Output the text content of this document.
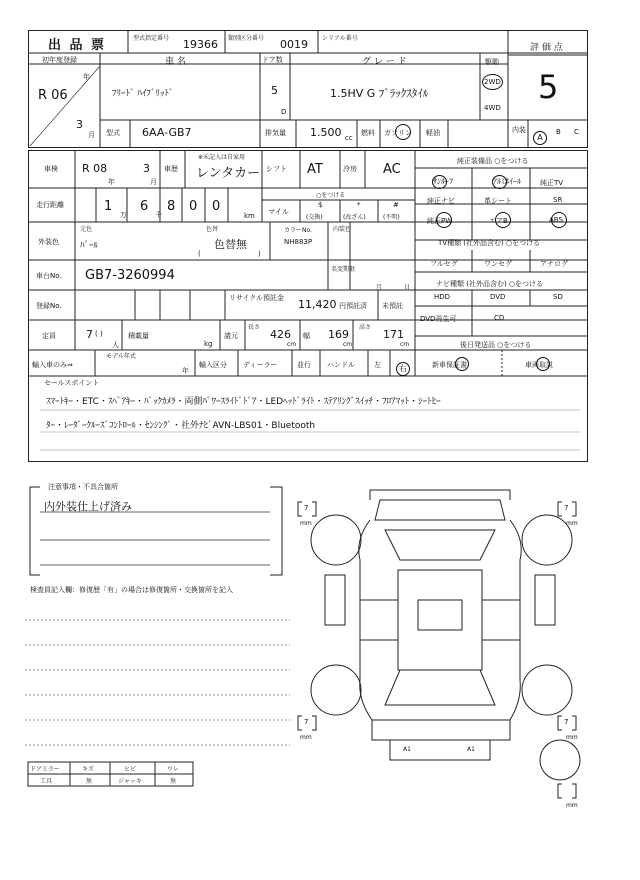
出 品 票	型式指定番号 19366 類別区分番号 0019 シリアル番号
評 価 点
5
初年度登録
R 06
年
3
月
車 名
ﾌﾘｰﾄﾞ ﾊｲﾌﾞﾘｯﾄﾞ
ドア数
5
D
グ レ ー ド
1.5HV G ﾌﾞﾗｯｸｽﾀｲﾙ
駆動
2WD
4WD
型式 6AA-GB7	排気量 1.500 cc
燃料 ガソリン 軽油	内装
A
B C
車検 R 08
年
3
月
車歴
※未記入は自家用
レンタカー シフト AT	冷房 AC
純正装備品 ○をつける
ｻﾝﾙｰﾌ	ｱﾙﾐﾎｲｰﾙ	純正TV
走行距離	1
万
6
千
8 0 0
km
○をつける
マイル
$
(交換)
*
(改ざん)
#
(不明)
純正ナビ	革シート	SR
純正PW	エアB	ABS
外装色
元色
ﾊﾟｰﾙ
色替
色替無
(	)
カラーNo.
NH883P
内装色
TV種類 (社外品含む) ○をつける
フルセグ	ワンセグ	アナログ
車台No. GB7-3260994	名変期限
月	日	ナビ種類 (社外品含む) ○をつける
登録No.
リサイクル預託金 11,420 円預託済 未預託
HDD	DVD	SD
DVD再生可	CD
定員	7 ( )
人
積載量
kg
請元
長さ
426
cm
幅 169
cm
高さ
171
cm	後日発送品 ○をつける
輸入車のみ⇒
モデル年式
年
輸入区分 ディーラー	並行 ハンドル	左	右	新車保証書	車両取説
セールスポイント
ｽﾏｰﾄｷｰ・ETC・ｽﾍﾟｱｷｰ・ﾊﾞｯｸｶﾒﾗ・両側ﾊﾟﾜｰｽﾗｲﾄﾞﾄﾞｱ・LEDﾍｯﾄﾞﾗｲﾄ・ｽﾃｱﾘﾝｸﾞｽｲｯﾁ・ﾌﾛｱﾏｯﾄ・ｼｰﾄﾋｰ
ﾀｰ・ﾚｰﾀﾞｰｸﾙｰｽﾞｺﾝﾄﾛｰﾙ・ｾﾝｼﾝｸﾞ・社外ﾅﾋﾞAVN-LBS01・Bluetooth
注意事項・不具合箇所
内外装仕上げ済み
検査員記入欄：修復歴「有」の場合は修復箇所・交換箇所を記入
ドアミラー	キズ	ヒビ	ワレ
工具	無	ジャッキ	無
7
mm
7
mm
7
mm
7
mm
mm
A1	A1
